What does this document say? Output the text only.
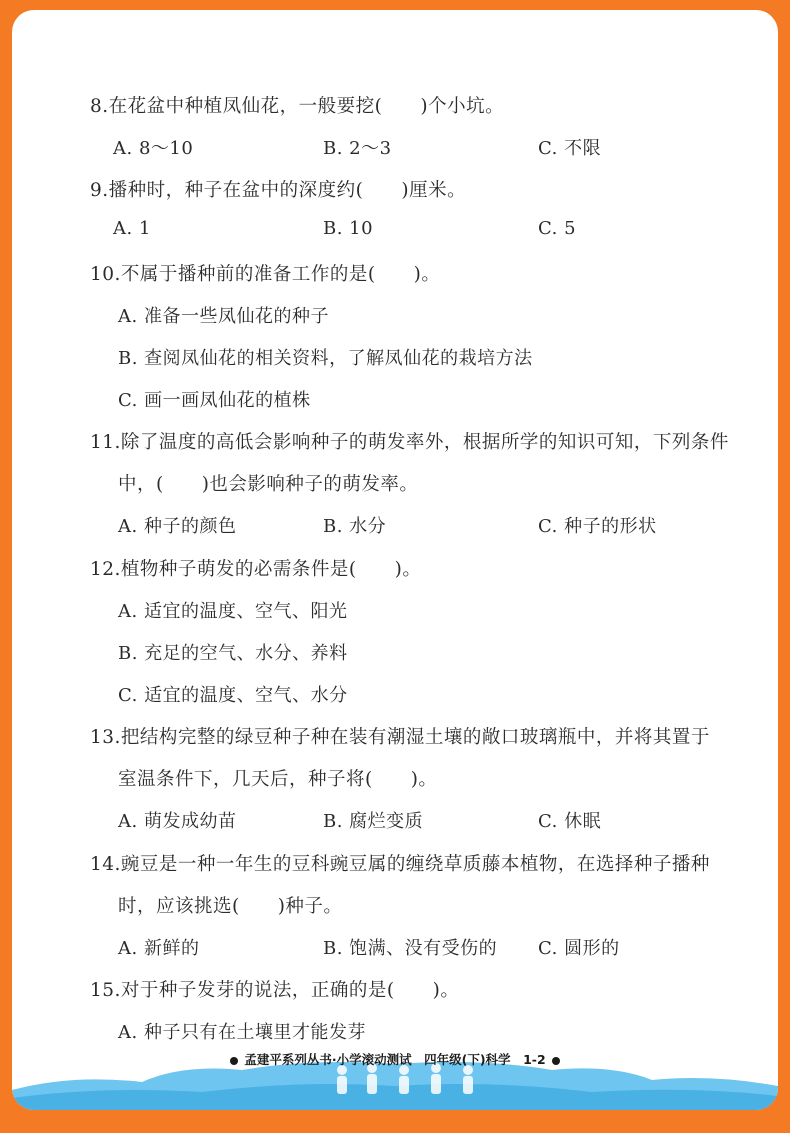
8.在花盆中种植凤仙花，一般要挖(　　)个小坑。
A. 8～10	B. 2～3	C. 不限
9.播种时，种子在盆中的深度约(　　)厘米。
A. 1	B. 10	C. 5
10.不属于播种前的准备工作的是(　　)。
A. 准备一些凤仙花的种子
B. 查阅凤仙花的相关资料，了解凤仙花的栽培方法
C. 画一画凤仙花的植株
11.除了温度的高低会影响种子的萌发率外，根据所学的知识可知，下列条件
中，(　　)也会影响种子的萌发率。
A. 种子的颜色	B. 水分	C. 种子的形状
12.植物种子萌发的必需条件是(　　)。
A. 适宜的温度、空气、阳光
B. 充足的空气、水分、养料
C. 适宜的温度、空气、水分
13.把结构完整的绿豆种子种在装有潮湿土壤的敞口玻璃瓶中，并将其置于
室温条件下，几天后，种子将(　　)。
A. 萌发成幼苗	B. 腐烂变质	C. 休眠
14.豌豆是一种一年生的豆科豌豆属的缠绕草质藤本植物，在选择种子播种
时，应该挑选(　　)种子。
A. 新鲜的	B. 饱满、没有受伤的 C. 圆形的
15.对于种子发芽的说法，正确的是(　　)。
A. 种子只有在土壤里才能发芽
孟建平系列丛书·小学滚动测试　 四年级(下)科学　 1-2
